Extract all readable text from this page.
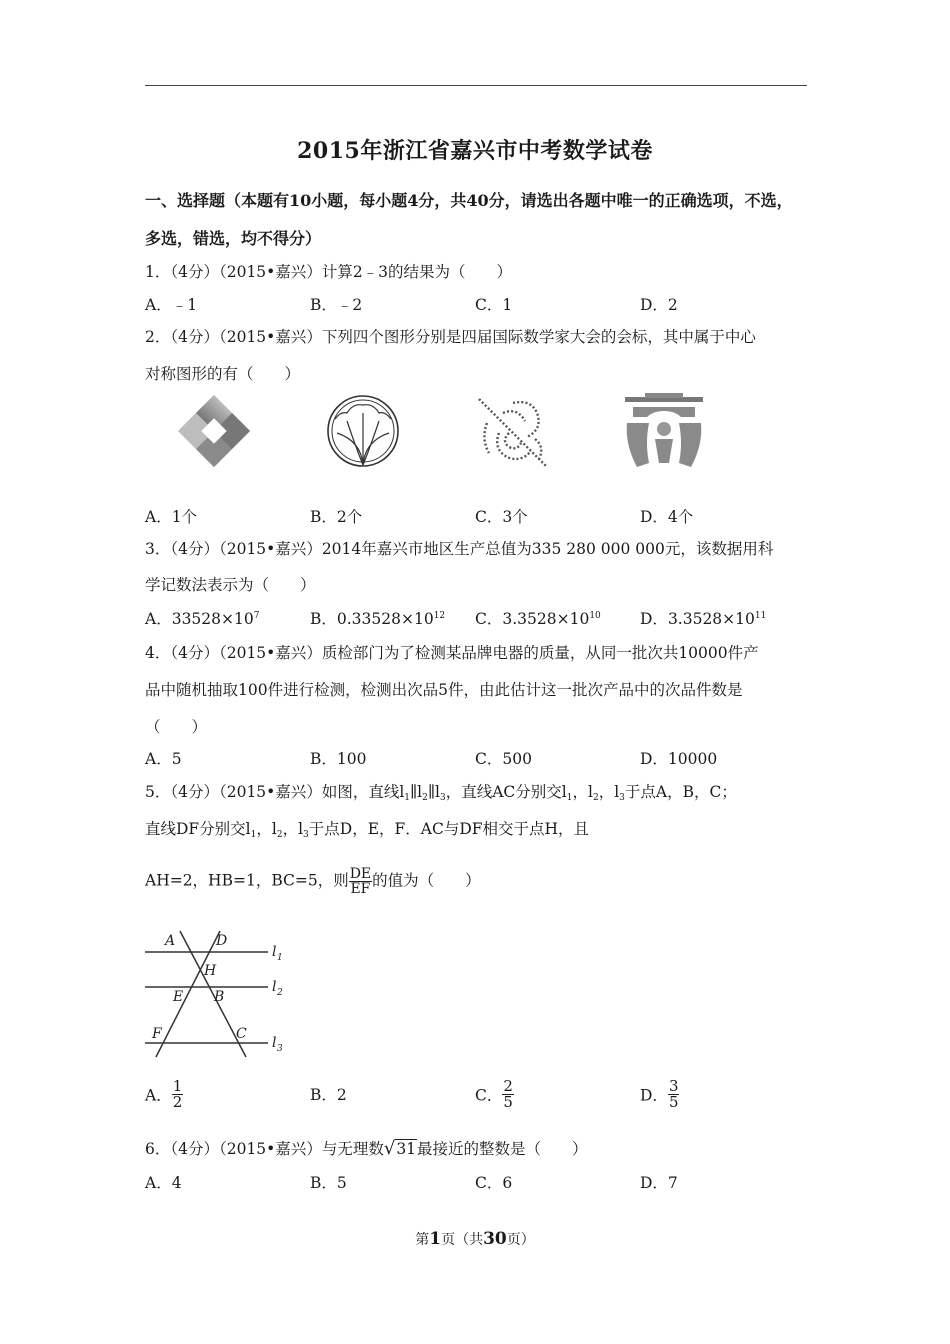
2015年浙江省嘉兴市中考数学试卷
一、选择题（本题有10小题，每小题4分，共40分，请选出各题中唯一的正确选项，不选，
多选，错选，均不得分）
1．（4分）（2015•嘉兴）计算2﹣3的结果为（　　）
A．﹣1	B．﹣2	C．1	D．2
2．（4分）（2015•嘉兴）下列四个图形分别是四届国际数学家大会的会标，其中属于中心
对称图形的有（　　）
A．1个	B．2个	C．3个	D．4个
3．（4分）（2015•嘉兴）2014年嘉兴市地区生产总值为335 280 000 000元，该数据用科
学记数法表示为（　　）
A．$33528\times 10^7$	B．$0.33528\times 10^{12}$ C．$3.3528\times 10^{10}$	D．$3.3528\times 10^{11}$
4．（4分）（2015•嘉兴）质检部门为了检测某品牌电器的质量，从同一批次共10000件产
品中随机抽取100件进行检测，检测出次品5件，由此估计这一批次产品中的次品件数是
（　　）
A．5	B．100	C．500	D．10000
5．（4分）（2015•嘉兴）如图，直线$l_1\parallel l_2\parallel l_3$，直线AC分别交$l_1$，$l_2$，$l_3$于点A，B，C；
直线DF分别交$l_1$，$l_2$，$l_3$于点D，E，F．AC与DF相交于点H，且
AH=2，HB=1，BC=5，则 $\frac{DE}{EF}$ 的值为（　　）
A	D
H
E B
F	C
l 1
l 2
l 3
A． $\frac{1}{2}$	B．2	C． $\frac{2}{5}$	D． $\frac{3}{5}$
6．（4分）（2015•嘉兴）与无理数√31最接近的整数是（　　）
A．4	B．5	C．6	D．7
第1页（共30页）
